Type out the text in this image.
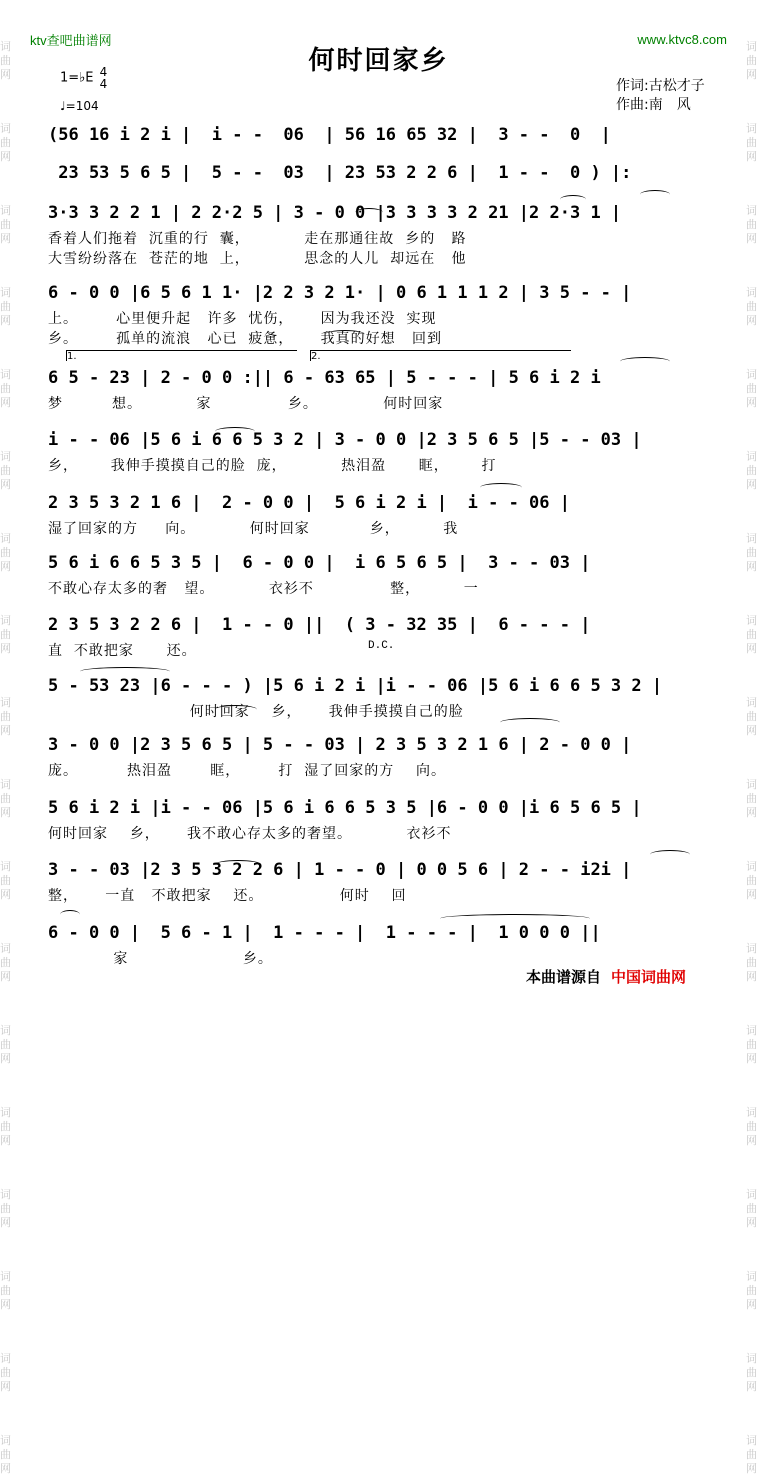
词曲网
词曲网
词曲网
词曲网
词曲网
词曲网
词曲网
词曲网
词曲网
词曲网
词曲网
词曲网
词曲网
词曲网
词曲网
词曲网
词曲网
词曲网
词曲网
词曲网
词曲网
词曲网
词曲网
词曲网
词曲网
词曲网
词曲网
词曲网
词曲网
词曲网
词曲网
词曲网
词曲网
词曲网
词曲网
词曲网
ktv查吧曲谱网	www.ktvc8.com
何时回家乡
1=♭E 4
4
♩=104
作词:古松才子
作曲:南　风
(56 16 i 2 i |  i - -  06  | 56 16 65 32 |  3 - -  0  |
23 53 5 6 5 |  5 - -  03  | 23 53 2 2 6 |  1 - -  0 ) |:
3·3 3 2 2 1 | 2 2·2 5 | 3 - 0 0 |3 3 3 3 2 21 |2 2·3 1 |
香着人们拖着  沉重的行  囊，          走在那通往故  乡的   路
大雪纷纷落在  苍茫的地  上，          思念的人儿  却远在   他
6 - 0 0 |6 5 6 1 1· |2 2 3 2 1· | 0 6 1 1 1 2 | 3 5 - - |
上。       心里便升起   许多  忧伤，     因为我还没  实现
乡。       孤单的流浪   心已  疲惫，     我真的好想   回到
6 5 - 23 | 2 - 0 0 :|| 6 - 63 65 | 5 - - - | 5 6 i 2 i
梦         想。          家              乡。            何时回家
i - - 06 |5 6 i 6 6 5 3 2 | 3 - 0 0 |2 3 5 6 5 |5 - - 03 |
乡，      我伸手摸摸自己的脸  庞，          热泪盈      眶，      打
2 3 5 3 2 1 6 |  2 - 0 0 |  5 6 i 2 i |  i - - 06 |
湿了回家的方     向。          何时回家           乡，        我
5 6 i 6 6 5 3 5 |  6 - 0 0 |  i 6 5 6 5 |  3 - - 03 |
不敢心存太多的奢   望。          衣衫不              整，        一
2 3 5 3 2 2 6 |  1 - - 0 ||  ( 3 - 32 35 |  6 - - - |
直  不敢把家      还。
5 - 53 23 |6 - - - ) |5 6 i 2 i |i - - 06 |5 6 i 6 6 5 3 2 |
何时回家    乡，     我伸手摸摸自己的脸
3 - 0 0 |2 3 5 6 5 | 5 - - 03 | 2 3 5 3 2 1 6 | 2 - 0 0 |
庞。         热泪盈       眶，       打  湿了回家的方    向。
5 6 i 2 i |i - - 06 |5 6 i 6 6 5 3 5 |6 - 0 0 |i 6 5 6 5 |
何时回家    乡，     我不敢心存太多的奢望。          衣衫不
3 - - 03 |2 3 5 3 2 2 6 | 1 - - 0 | 0 0 5 6 | 2 - - i2i |
整，     一直   不敢把家    还。              何时    回
6 - 0 0 |  5 6 - 1 |  1 - - - |  1 - - - |  1 0 0 0 ||
家                     乡。
D.C.
本曲谱源自 中国词曲网
1.	2.
